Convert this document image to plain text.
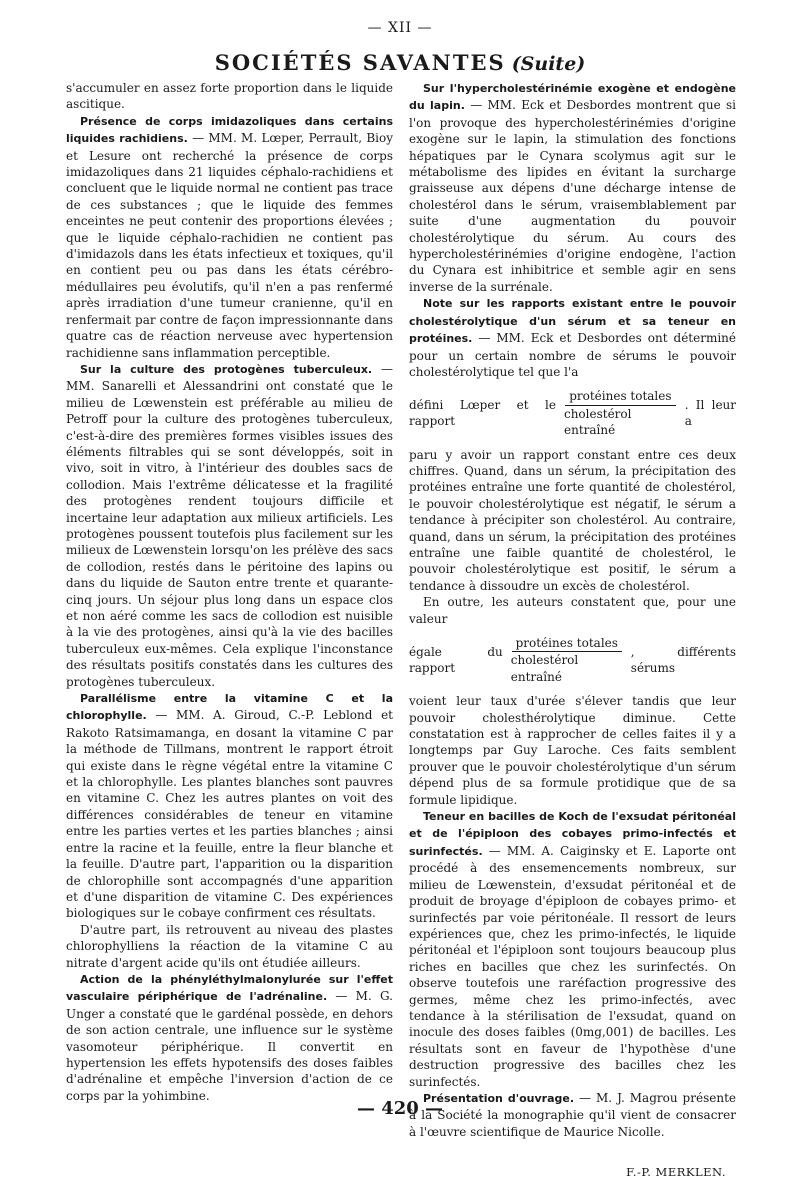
— XII —
SOCIÉTÉS SAVANTES (Suite)

s'accumuler en assez forte proportion dans le liquide ascitique.

Présence de corps imidazoliques dans certains liquides rachidiens. — MM. M. Lœper, Perrault, Bioy et Lesure ont recherché la présence de corps imidazoliques dans 21 liquides céphalo-rachidiens et concluent que le liquide normal ne contient pas trace de ces substances ; que le liquide des femmes enceintes ne peut contenir des proportions élevées ; que le liquide céphalo-rachidien ne contient pas d'imidazols dans les états infectieux et toxiques, qu'il en contient peu ou pas dans les états cérébro-médullaires peu évolutifs, qu'il n'en a pas renfermé après irradiation d'une tumeur cranienne, qu'il en renfermait par contre de façon impressionnante dans quatre cas de réaction nerveuse avec hypertension rachidienne sans inflammation perceptible.

Sur la culture des protogènes tuberculeux. — MM. Sanarelli et Alessandrini ont constaté que le milieu de Lœwenstein est préférable au milieu de Petroff pour la culture des protogènes tuberculeux, c'est-à-dire des premières formes visibles issues des éléments filtrables qui se sont développés, soit in vivo, soit in vitro, à l'intérieur des doubles sacs de collodion. Mais l'extrême délicatesse et la fragilité des protogènes rendent toujours difficile et incertaine leur adaptation aux milieux artificiels. Les protogènes poussent toutefois plus facilement sur les milieux de Lœwenstein lorsqu'on les prélève des sacs de collodion, restés dans le péritoine des lapins ou dans du liquide de Sauton entre trente et quarante-cinq jours. Un séjour plus long dans un espace clos et non aéré comme les sacs de collodion est nuisible à la vie des protogènes, ainsi qu'à la vie des bacilles tuberculeux eux-mêmes. Cela explique l'inconstance des résultats positifs constatés dans les cultures des protogènes tuberculeux.

Parallélisme entre la vitamine C et la chlorophylle. — MM. A. Giroud, C.-P. Leblond et Rakoto Ratsimamanga, en dosant la vitamine C par la méthode de Tillmans, montrent le rapport étroit qui existe dans le règne végétal entre la vitamine C et la chlorophylle. Les plantes blanches sont pauvres en vitamine C. Chez les autres plantes on voit des différences considérables de teneur en vitamine entre les parties vertes et les parties blanches ; ainsi entre la racine et la feuille, entre la fleur blanche et la feuille. D'autre part, l'apparition ou la disparition de chlorophille sont accompagnés d'une apparition et d'une disparition de vitamine C. Des expériences biologiques sur le cobaye confirment ces résultats.

D'autre part, ils retrouvent au niveau des plastes chlorophylliens la réaction de la vitamine C au nitrate d'argent acide qu'ils ont étudiée ailleurs.

Action de la phényléthylmalonylurée sur l'effet vasculaire périphérique de l'adrénaline. — M. G. Unger a constaté que le gardénal possède, en dehors de son action centrale, une influence sur le système vasomoteur périphérique. Il convertit en hypertension les effets hypotensifs des doses faibles d'adrénaline et empêche l'inversion d'action de ce corps par la yohimbine.

Sur l'hypercholestérinémie exogène et endogène du lapin. — MM. Eck et Desbordes montrent que si l'on provoque des hypercholestérinémies d'origine exogène sur le lapin, la stimulation des fonctions hépatiques par le Cynara scolymus agit sur le métabolisme des lipides en évitant la surcharge graisseuse aux dépens d'une décharge intense de cholestérol dans le sérum, vraisemblablement par suite d'une augmentation du pouvoir cholestérolytique du sérum. Au cours des hypercholestérinémies d'origine endogène, l'action du Cynara est inhibitrice et semble agir en sens inverse de la surrénale.

Note sur les rapports existant entre le pouvoir cholestérolytique d'un sérum et sa teneur en protéines. — MM. Eck et Desbordes ont déterminé pour un certain nombre de sérums le pouvoir cholestérolytique tel que l'a

défini Lœper et le rapport	$\frac{\text{protéines totales}}{\text{cholestérol entraîné}}$ . Il leur a

paru y avoir un rapport constant entre ces deux chiffres. Quand, dans un sérum, la précipitation des protéines entraîne une forte quantité de cholestérol, le pouvoir cholestérolytique est négatif, le sérum a tendance à précipiter son cholestérol. Au contraire, quand, dans un sérum, la précipitation des protéines entraîne une faible quantité de cholestérol, le pouvoir cholestérolytique est positif, le sérum a tendance à dissoudre un excès de cholestérol.

En outre, les auteurs constatent que, pour une valeur

égale du rapport	$\frac{\text{protéines totales}}{\text{cholestérol entraîné}}$ , différents sérums

voient leur taux d'urée s'élever tandis que leur pouvoir cholesthérolytique diminue. Cette constatation est à rapprocher de celles faites il y a longtemps par Guy Laroche. Ces faits semblent prouver que le pouvoir cholestérolytique d'un sérum dépend plus de sa formule protidique que de sa formule lipidique.

Teneur en bacilles de Koch de l'exsudat péritonéal et de l'épiploon des cobayes primo-infectés et surinfectés. — MM. A. Caiginsky et E. Laporte ont procédé à des ensemencements nombreux, sur milieu de Lœwenstein, d'exsudat péritonéal et de produit de broyage d'épiploon de cobayes primo- et surinfectés par voie péritonéale. Il ressort de leurs expériences que, chez les primo-infectés, le liquide péritonéal et l'épiploon sont toujours beaucoup plus riches en bacilles que chez les surinfectés. On observe toutefois une raréfaction progressive des germes, même chez les primo-infectés, avec tendance à la stérilisation de l'exsudat, quand on inocule des doses faibles (0mg,001) de bacilles. Les résultats sont en faveur de l'hypothèse d'une destruction progressive des bacilles chez les surinfectés.

Présentation d'ouvrage. — M. J. Magrou présente à la Société la monographie qu'il vient de consacrer à l'œuvre scientifique de Maurice Nicolle.

F.-P. MERKLEN.
— 420 —
